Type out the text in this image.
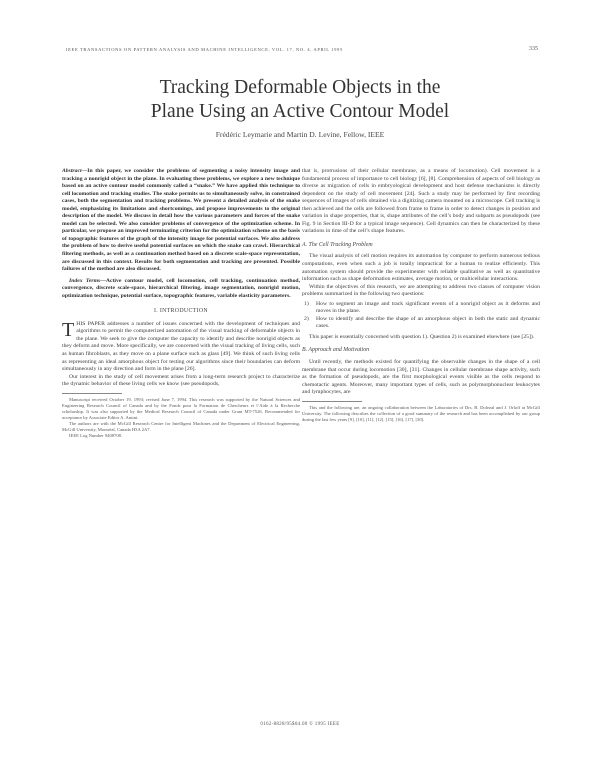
IEEE TRANSACTIONS ON PATTERN ANALYSIS AND MACHINE INTELLIGENCE, VOL. 17, NO. 4, APRIL 1995	335
Tracking Deformable Objects in the
Plane Using an Active Contour Model
Frédéric Leymarie and Martin D. Levine, Fellow, IEEE

Abstract—In this paper, we consider the problems of segmenting a noisy intensity image and tracking a nonrigid object in the plane. In evaluating these problems, we explore a new technique based on an active contour model commonly called a “snake.” We have applied this technique to cell locomotion and tracking studies. The snake permits us to simultaneously solve, in constrained cases, both the segmentation and tracking problems. We present a detailed analysis of the snake model, emphasizing its limitations and shortcomings, and propose improvements to the original description of the model. We discuss in detail how the various parameters and forces of the snake model can be selected. We also consider problems of convergence of the optimization scheme. In particular, we propose an improved terminating criterion for the optimization scheme on the basis of topographic features of the graph of the intensity image for potential surfaces. We also address the problem of how to derive useful potential surfaces on which the snake can crawl. Hierarchical filtering methods, as well as a continuation method based on a discrete scale-space representation, are discussed in this context. Results for both segmentation and tracking are presented. Possible failures of the method are also discussed.

Index Terms—Active contour model, cell locomotion, cell tracking, continuation method, convergence, discrete scale-space, hierarchical filtering, image segmentation, nonrigid motion, optimization technique, potential surface, topographic features, variable elasticity parameters.

I. INTRODUCTION

THIS PAPER addresses a number of issues concerned with the development of techniques and algorithms to permit the computerized automation of the visual tracking of deformable objects in the plane. We seek to give the computer the capacity to identify and describe nonrigid objects as they deform and move. More specifically, we are concerned with the visual tracking of living cells, such as human fibroblasts, as they move on a plane surface such as glass [49]. We think of such living cells as representing an ideal amorphous object for testing our algorithms since their boundaries can deform simultaneously in any direction and form in the plane [26].

Our interest in the study of cell movement arises from a long-term research project to characterize the dynamic behavior of these living cells we know (see pseudopods,

Manuscript received October 19, 1993; revised June 7, 1994. This research was supported by the Natural Sciences and Engineering Research Council of Canada and by the Fonds pour la Formation de Chercheurs et l’Aide à la Recherche scholarship. It was also supported by the Medical Research Council of Canada under Grant MT-7526. Recommended for acceptance by Associate Editor A. Amini.

The authors are with the McGill Research Centre for Intelligent Machines and the Department of Electrical Engineering, McGill University, Montréal, Canada H3A 2A7.

IEEE Log Number 9408708.

that is, protrusions of their cellular membrane, as a means of locomotion). Cell movement is a fundamental process of importance to cell biology [6], [8]. Comprehension of aspects of cell biology as diverse as migration of cells in embryological development and host defense mechanisms is directly dependent on the study of cell movement [24]. Such a study may be performed by first recording sequences of images of cells obtained via a digitizing camera mounted on a microscope. Cell tracking is then achieved and the cells are followed from frame to frame in order to detect changes in position and variation in shape properties, that is, shape attributes of the cell’s body and subparts as pseudopods (see Fig. 9 in Section III-D for a typical image sequence). Cell dynamics can then be characterized by these variations in time of the cell’s shape features.

A. The Cell Tracking Problem

The visual analysis of cell motion requires its automation by computer to perform numerous tedious computations, even when such a job is totally impractical for a human to realize efficiently. This automation system should provide the experimenter with reliable qualitative as well as quantitative information such as shape deformation estimates, average motion, or multicellular interactions.

Within the objectives of this research, we are attempting to address two classes of computer vision problems summarized in the following two questions:

1) How to segment an image and track significant events of a nonrigid object as it deforms and moves in the plane.
2) How to identify and describe the shape of an amorphous object in both the static and dynamic cases.

This paper is essentially concerned with question 1). Question 2) is examined elsewhere (see [25]).

B. Approach and Motivation

Until recently, the methods existed for quantifying the observable changes in the shape of a cell membrane that occur during locomotion [30], [31]. Changes in cellular membrane shape activity, such as the formation of pseudopods, are the first morphological events visible as the cells respond to chemotactic agents. Moreover, many important types of cells, such as polymorphonuclear leukocytes and lymphocytes, are

This and the following are, an ongoing collaboration between the Laboratories of Drs. B. Dolezal and J. Orloff at McGill University. The following describes the collection of a good summary of the research and has been accomplished by our group during the last few years [9], [10], [11], [12], [15], [16], [17], [30].

0162-8828/95$04.00 © 1995 IEEE
